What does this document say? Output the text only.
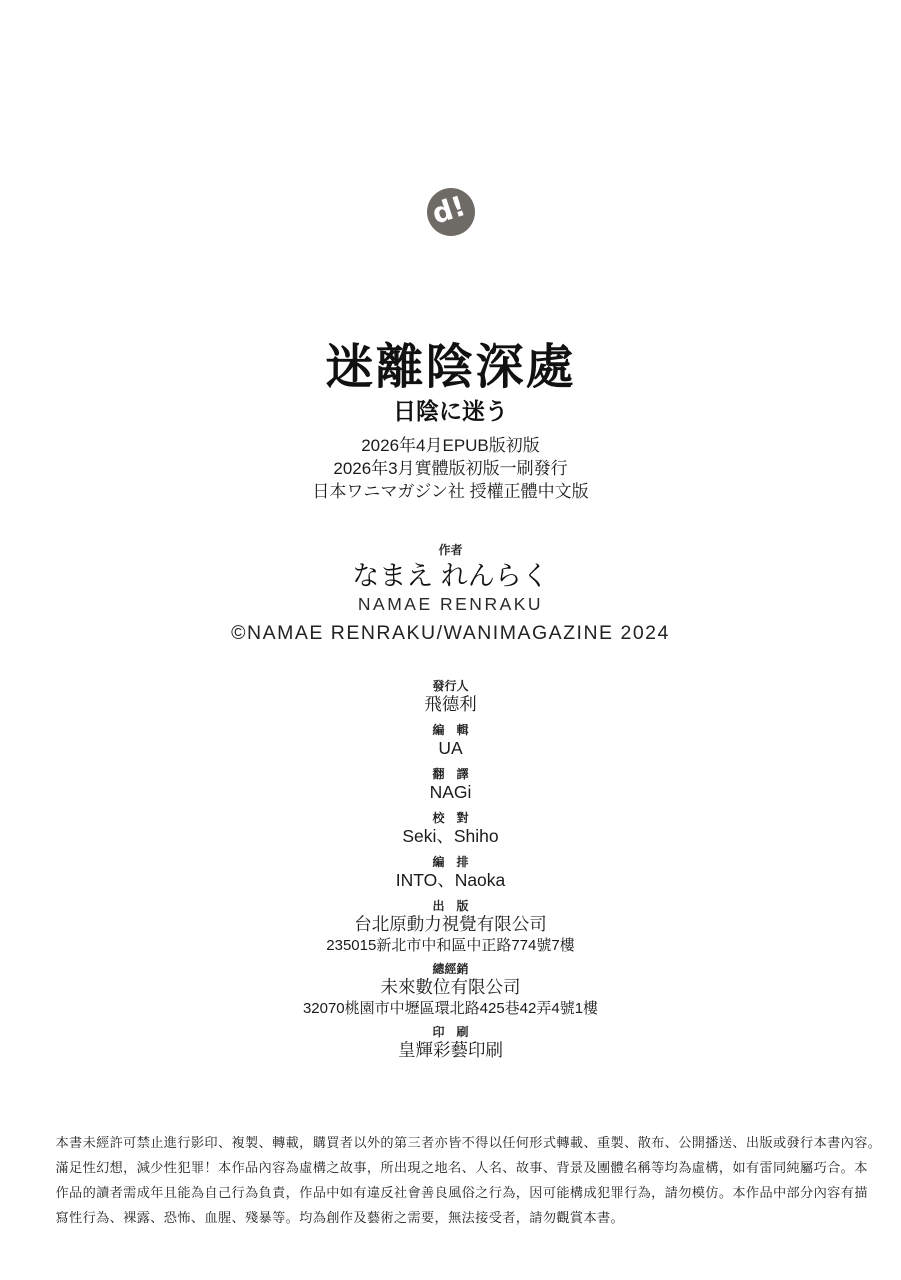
d!
迷離陰深處
日陰に迷う
2026年4月EPUB版初版
2026年3月實體版初版一刷發行
日本ワニマガジン社 授權正體中文版
作者
なまえ れんらく
NAMAE RENRAKU
©NAMAE RENRAKU/WANIMAGAZINE 2024
發行人
飛德利
編　輯
UA
翻　譯
NAGi
校　對
Seki、Shiho
編　排
INTO、Naoka
出　版
台北原動力視覺有限公司
235015新北市中和區中正路774號7樓
總經銷
未來數位有限公司
32070桃園市中壢區環北路425巷42弄4號1樓
印　刷
皇輝彩藝印刷
本書未經許可禁止進行影印、複製、轉載，購買者以外的第三者亦皆不得以任何形式轉載、重製、散布、公開播送、出版或發行本書內容。
滿足性幻想，減少性犯罪！本作品內容為虛構之故事，所出現之地名、人名、故事、背景及團體名稱等均為虛構，如有雷同純屬巧合。本
作品的讀者需成年且能為自己行為負責，作品中如有違反社會善良風俗之行為，因可能構成犯罪行為，請勿模仿。本作品中部分內容有描
寫性行為、裸露、恐怖、血腥、殘暴等。均為創作及藝術之需要，無法接受者，請勿觀賞本書。
